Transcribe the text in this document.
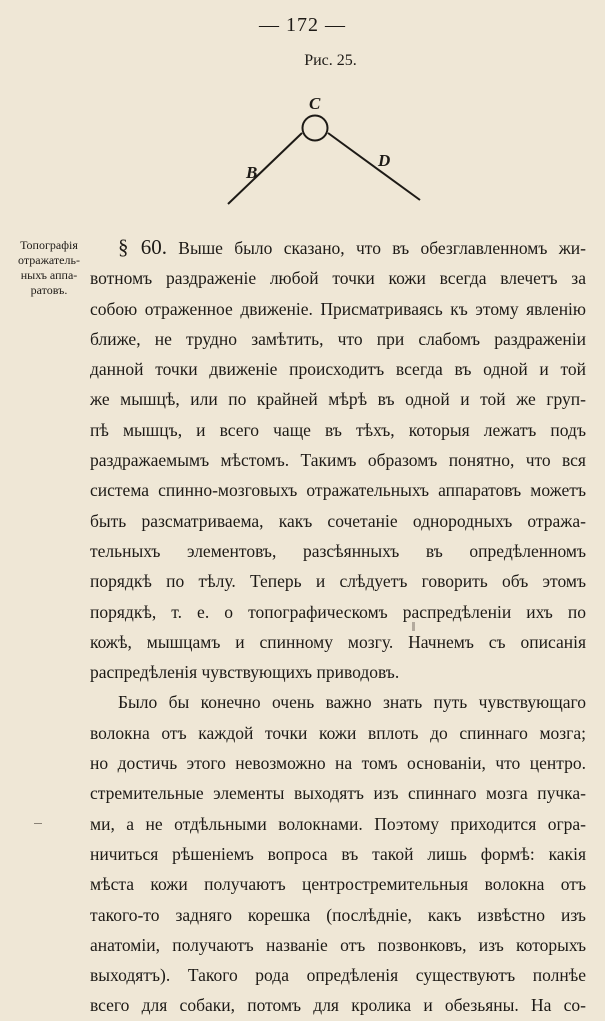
— 172 —
Рис. 25.
C
B
D
Топографія
отражатель-
ныхъ аппа-
ратовъ.
§ 60. Выше было сказано, что въ обезглавленномъ жи-
вотномъ раздраженіе любой точки кожи всегда влечетъ за
собою отраженное движеніе. Присматриваясь къ этому явленію
ближе, не трудно замѣтить, что при слабомъ раздраженіи
данной точки движеніе происходитъ всегда въ одной и той
же мышцѣ, или по крайней мѣрѣ въ одной и той же груп-
пѣ мышцъ, и всего чаще въ тѣхъ, которыя лежатъ подъ
раздражаемымъ мѣстомъ. Такимъ образомъ понятно, что вся
система спинно-мозговыхъ отражательныхъ аппаратовъ можетъ
быть разсматриваема, какъ сочетаніе однородныхъ отража-
тельныхъ элементовъ, разсѣянныхъ въ опредѣленномъ
порядкѣ по тѣлу. Теперь и слѣдуетъ говорить объ этомъ
порядкѣ, т. е. о топографическомъ распредѣленіи ихъ по
кожѣ, мышцамъ и спинному мозгу. Начнемъ съ описанія
распредѣленія чувствующихъ приводовъ.
Было бы конечно очень важно знать путь чувствующаго
волокна отъ каждой точки кожи вплоть до спиннаго мозга;
но достичь этого невозможно на томъ основаніи, что центро.
стремительные элементы выходятъ изъ спиннаго мозга пучка-
ми, а не отдѣльными волокнами. Поэтому приходится огра-
ничиться рѣшеніемъ вопроса въ такой лишь формѣ: какія
мѣста кожи получаютъ центростремительныя волокна отъ
такого-то задняго корешка (послѣдніе, какъ извѣстно изъ
анатоміи, получаютъ названіе отъ позвонковъ, изъ которыхъ
выходятъ). Такого рода опредѣленія существуютъ полнѣе
всего для собаки, потомъ для кролика и обезьяны. На со-
